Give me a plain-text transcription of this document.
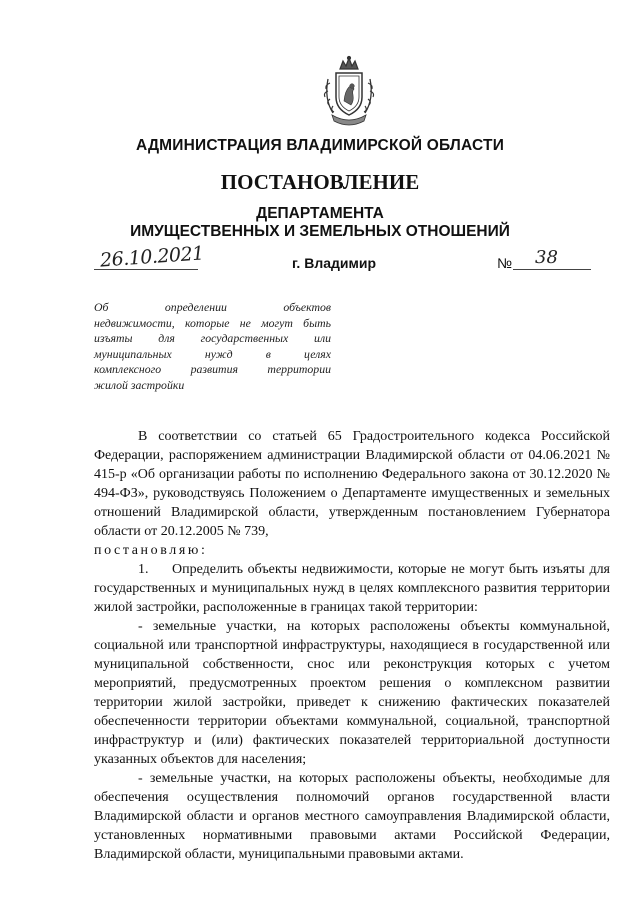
АДМИНИСТРАЦИЯ ВЛАДИМИРСКОЙ ОБЛАСТИ
ПОСТАНОВЛЕНИЕ
ДЕПАРТАМЕНТА
ИМУЩЕСТВЕННЫХ И ЗЕМЕЛЬНЫХ ОТНОШЕНИЙ
26.10.2021	г. Владимир	№ 38
Об определении объектов
недвижимости, которые не могут быть
изъяты для государственных или
муниципальных нужд в целях
комплексного развития территории
жилой застройки

В соответствии со статьей 65 Градостроительного кодекса Российской Федерации, распоряжением администрации Владимирской области от 04.06.2021 № 415-р «Об организации работы по исполнению Федерального закона от 30.12.2020 № 494-ФЗ», руководствуясь Положением о Департаменте имущественных и земельных отношений Владимирской области, утвержденным постановлением Губернатора области от 20.12.2005 № 739,

постановляю:

1. Определить объекты недвижимости, которые не могут быть изъяты для государственных и муниципальных нужд в целях комплексного развития территории жилой застройки, расположенные в границах такой территории:

- земельные участки, на которых расположены объекты коммунальной, социальной или транспортной инфраструктуры, находящиеся в государственной или муниципальной собственности, снос или реконструкция которых с учетом мероприятий, предусмотренных проектом решения о комплексном развитии территории жилой застройки, приведет к снижению фактических показателей обеспеченности территории объектами коммунальной, социальной, транспортной инфраструктур и (или) фактических показателей территориальной доступности указанных объектов для населения;

- земельные участки, на которых расположены объекты, необходимые для обеспечения осуществления полномочий органов государственной власти Владимирской области и органов местного самоуправления Владимирской области, установленных нормативными правовыми актами Российской Федерации, Владимирской области, муниципальными правовыми актами.
